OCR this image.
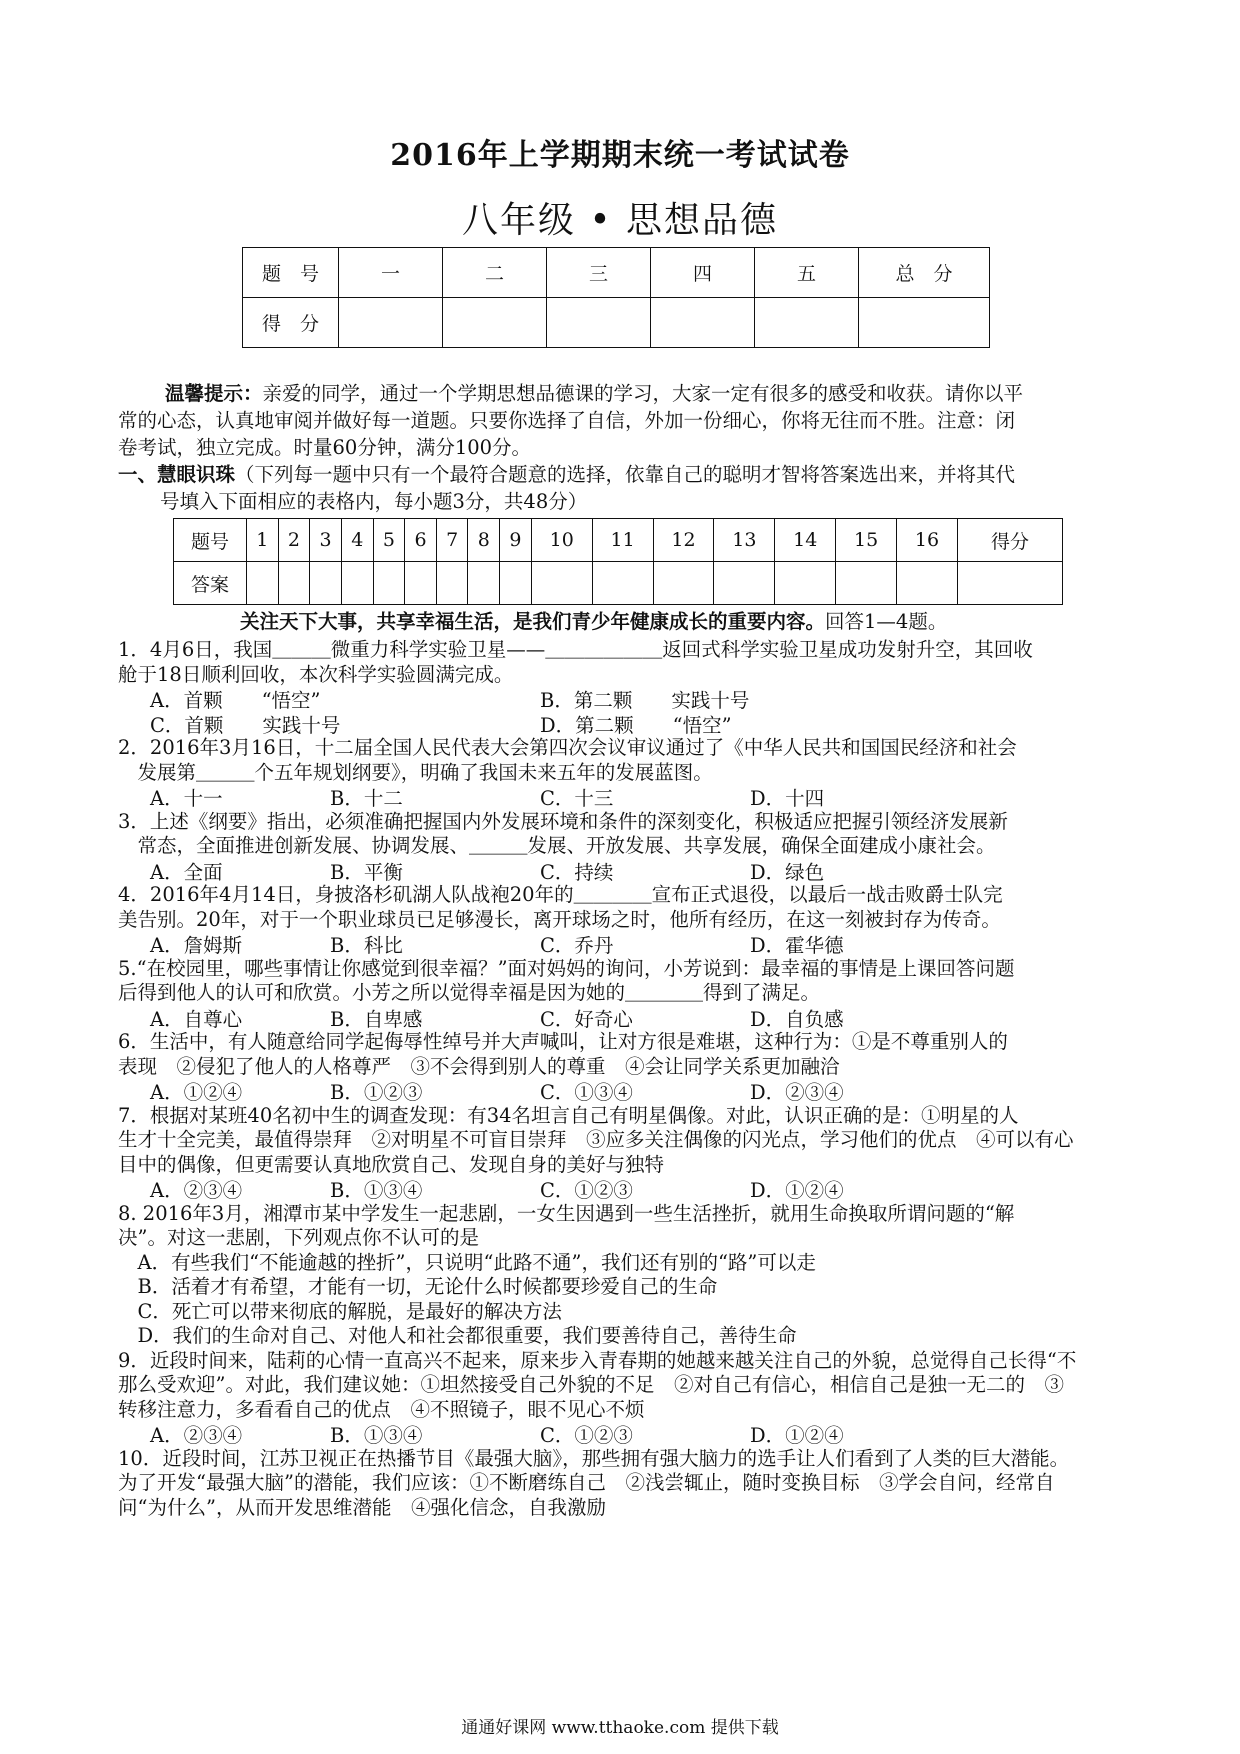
2016年上学期期末统一考试试卷
八年级 • 思想品德
题　号	一	二	三	四	五	总　分
得　分						
温馨提示：亲爱的同学，通过一个学期思想品德课的学习，大家一定有很多的感受和收获。请你以平
常的心态，认真地审阅并做好每一道题。只要你选择了自信，外加一份细心，你将无往而不胜。注意：闭
卷考试，独立完成。时量60分钟，满分100分。
一、慧眼识珠（下列每一题中只有一个最符合题意的选择，依靠自己的聪明才智将答案选出来，并将其代
号填入下面相应的表格内，每小题3分，共48分）
题号	1	2	3	4	5	6	7	8	9	10	11	12	13	14	15	16	得分
答案																	
关注天下大事，共享幸福生活，是我们青少年健康成长的重要内容。回答1—4题。
1．4月6日，我国＿＿＿微重力科学实验卫星——＿＿＿＿＿＿返回式科学实验卫星成功发射升空，其回收
舱于18日顺利回收，本次科学实验圆满完成。
A．首颗　　“悟空”	B．第二颗　　实践十号
C．首颗　　实践十号	D．第二颗　　“悟空”
2．2016年3月16日，十二届全国人民代表大会第四次会议审议通过了《中华人民共和国国民经济和社会
　发展第＿＿＿个五年规划纲要》，明确了我国未来五年的发展蓝图。
A．十一	B．十二	C．十三	D．十四
3．上述《纲要》指出，必须准确把握国内外发展环境和条件的深刻变化，积极适应把握引领经济发展新
　常态，全面推进创新发展、协调发展、＿＿＿发展、开放发展、共享发展，确保全面建成小康社会。
A．全面	B．平衡	C．持续	D．绿色
4．2016年4月14日，身披洛杉矶湖人队战袍20年的＿＿＿＿宣布正式退役，以最后一战击败爵士队完
美告别。20年，对于一个职业球员已足够漫长，离开球场之时，他所有经历，在这一刻被封存为传奇。
A．詹姆斯	B．科比	C．乔丹	D．霍华德
5.“在校园里，哪些事情让你感觉到很幸福？”面对妈妈的询问，小芳说到：最幸福的事情是上课回答问题
后得到他人的认可和欣赏。小芳之所以觉得幸福是因为她的＿＿＿＿得到了满足。
A．自尊心	B．自卑感	C．好奇心	D．自负感
6．生活中，有人随意给同学起侮辱性绰号并大声喊叫，让对方很是难堪，这种行为：①是不尊重别人的
表现　②侵犯了他人的人格尊严　③不会得到别人的尊重　④会让同学关系更加融洽
A．①②④	B．①②③	C．①③④	D．②③④
7．根据对某班40名初中生的调查发现：有34名坦言自己有明星偶像。对此，认识正确的是：①明星的人
生才十全完美，最值得崇拜　②对明星不可盲目崇拜　③应多关注偶像的闪光点，学习他们的优点　④可以有心
目中的偶像，但更需要认真地欣赏自己、发现自身的美好与独特
A．②③④	B．①③④	C．①②③	D．①②④
8. 2016年3月，湘潭市某中学发生一起悲剧，一女生因遇到一些生活挫折，就用生命换取所谓问题的“解
决”。对这一悲剧，下列观点你不认可的是
　A．有些我们“不能逾越的挫折”，只说明“此路不通”，我们还有别的“路”可以走
　B．活着才有希望，才能有一切，无论什么时候都要珍爱自己的生命
　C．死亡可以带来彻底的解脱，是最好的解决方法
　D．我们的生命对自己、对他人和社会都很重要，我们要善待自己，善待生命
9．近段时间来，陆莉的心情一直高兴不起来，原来步入青春期的她越来越关注自己的外貌，总觉得自己长得“不
那么受欢迎”。对此，我们建议她：①坦然接受自己外貌的不足　②对自己有信心，相信自己是独一无二的　③
转移注意力，多看看自己的优点　④不照镜子，眼不见心不烦
A．②③④	B．①③④	C．①②③	D．①②④
10．近段时间，江苏卫视正在热播节目《最强大脑》，那些拥有强大脑力的选手让人们看到了人类的巨大潜能。
为了开发“最强大脑”的潜能，我们应该：①不断磨练自己　②浅尝辄止，随时变换目标　③学会自问，经常自
问“为什么”，从而开发思维潜能　④强化信念，自我激励
通通好课网 www.tthaoke.com 提供下载
